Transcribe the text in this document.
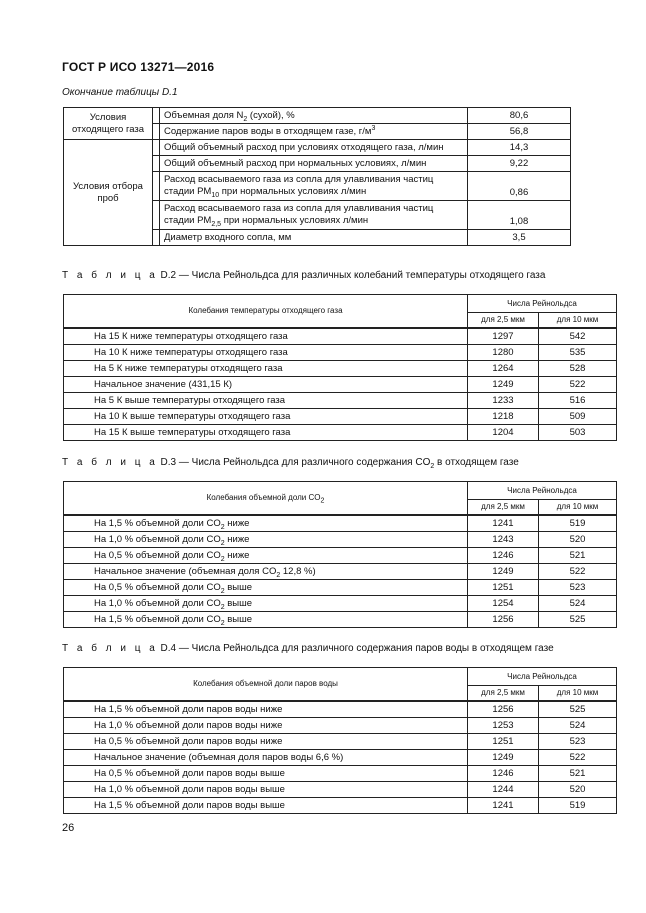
ГОСТ Р ИСО 13271—2016
Окончание таблицы D.1
Условия отходящего газа		Объемная доля $N_2$ (сухой), %	80,6
		Содержание паров воды в отходящем газе, $г/м^3$	56,8
Условия отбора проб		Общий объемный расход при условиях отходящего газа, л/мин	14,3
		Общий объемный расход при нормальных условиях, л/мин	9,22
		Расход всасываемого газа из сопла для улавливания частиц стадии $PM_{10}$ при нормальных условиях л/мин	0,86
		Расход всасываемого газа из сопла для улавливания частиц стадии $PM_{2,5}$ при нормальных условиях л/мин	1,08
		Диаметр входного сопла, мм	3,5
Т а б л и ц а D.2 — Числа Рейнольдса для различных колебаний температуры отходящего газа
Колебания температуры отходящего газа	Числа Рейнольдса	
	для 2,5 мкм	для 10 мкм
На 15 К ниже температуры отходящего газа	1297	542
На 10 К ниже температуры отходящего газа	1280	535
На 5 К ниже температуры отходящего газа	1264	528
Начальное значение (431,15 К)	1249	522
На 5 К выше температуры отходящего газа	1233	516
На 10 К выше температуры отходящего газа	1218	509
На 15 К выше температуры отходящего газа	1204	503
Т а б л и ц а D.3 — Числа Рейнольдса для различного содержания $CO_2$ в отходящем газе
Колебания объемной доли $CO_2$	Числа Рейнольдса	
	для 2,5 мкм	для 10 мкм
На 1,5 % объемной доли $CO_2$ ниже	1241	519
На 1,0 % объемной доли $CO_2$ ниже	1243	520
На 0,5 % объемной доли $CO_2$ ниже	1246	521
Начальное значение (объемная доля $CO_2$ 12,8 %)	1249	522
На 0,5 % объемной доли $CO_2$ выше	1251	523
На 1,0 % объемной доли $CO_2$ выше	1254	524
На 1,5 % объемной доли $CO_2$ выше	1256	525
Т а б л и ц а D.4 — Числа Рейнольдса для различного содержания паров воды в отходящем газе
Колебания объемной доли паров воды	Числа Рейнольдса	
	для 2,5 мкм	для 10 мкм
На 1,5 % объемной доли паров воды ниже	1256	525
На 1,0 % объемной доли паров воды ниже	1253	524
На 0,5 % объемной доли паров воды ниже	1251	523
Начальное значение (объемная доля паров воды 6,6 %)	1249	522
На 0,5 % объемной доли паров воды выше	1246	521
На 1,0 % объемной доли паров воды выше	1244	520
На 1,5 % объемной доли паров воды выше	1241	519
26
